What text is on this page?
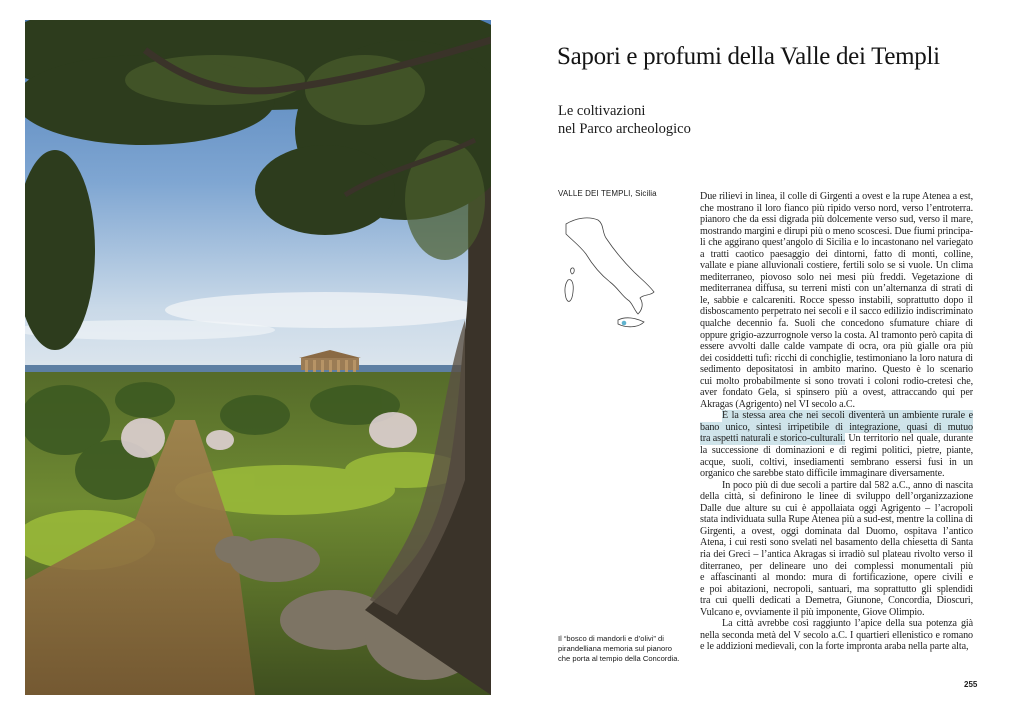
Sapori e profumi della Valle dei Templi
Le coltivazioni
nel Parco archeologico
VALLE DEI TEMPLI, Sicilia
Il “bosco di mandorli e d’olivi” di
pirandelliana memoria sul pianoro
che porta al tempio della Concordia.
Due rilievi in linea, il colle di Girgenti a ovest e la rupe Atenea a est,
che mostrano il loro fianco più ripido verso nord, verso l’entroterra.
pianoro che da essi digrada più dolcemente verso sud, verso il mare,
mostrando margini e dirupi più o meno scoscesi. Due fiumi principa-
li che aggirano quest’angolo di Sicilia e lo incastonano nel variegato
a tratti caotico paesaggio dei dintorni, fatto di monti, colline,
vallate e piane alluvionali costiere, fertili solo se si vuole. Un clima
mediterraneo, piovoso solo nei mesi più freddi. Vegetazione di
mediterranea diffusa, su terreni misti con un’alternanza di strati di
le, sabbie e calcareniti. Rocce spesso instabili, soprattutto dopo il
disboscamento perpetrato nei secoli e il sacco edilizio indiscriminato
qualche decennio fa. Suoli che concedono sfumature chiare di
oppure grigio-azzurrognole verso la costa. Al tramonto però capita di
essere avvolti dalle calde vampate di ocra, ora più gialle ora più
dei cosiddetti tufi: ricchi di conchiglie, testimoniano la loro natura di
sedimento depositatosi in ambito marino. Questo è lo scenario
cui molto probabilmente si sono trovati i coloni rodio-cretesi che,
aver fondato Gela, si spinsero più a ovest, attraccando qui per
Akragas (Agrigento) nel VI secolo a.C.
È la stessa area che nei secoli diventerà un ambiente rurale e
bano unico, sintesi irripetibile di integrazione, quasi di mutuo
tra aspetti naturali e storico-culturali. Un territorio nel quale, durante
la successione di dominazioni e di regimi politici, pietre, piante,
acque, suoli, coltivi, insediamenti sembrano essersi fusi in un
organico che sarebbe stato difficile immaginare diversamente.
In poco più di due secoli a partire dal 582 a.C., anno di nascita
della città, si definirono le linee di sviluppo dell’organizzazione
Dalle due alture su cui è appollaiata oggi Agrigento – l’acropoli
stata individuata sulla Rupe Atenea più a sud-est, mentre la collina di
Girgenti, a ovest, oggi dominata dal Duomo, ospitava l’antico
Atena, i cui resti sono svelati nel basamento della chiesetta di Santa
ria dei Greci – l’antica Akragas si irradiò sul plateau rivolto verso il
diterraneo, per delineare uno dei complessi monumentali più
e affascinanti al mondo: mura di fortificazione, opere civili e
e poi abitazioni, necropoli, santuari, ma soprattutto gli splendidi
tra cui quelli dedicati a Demetra, Giunone, Concordia, Dioscuri,
Vulcano e, ovviamente il più imponente, Giove Olimpio.
La città avrebbe così raggiunto l’apice della sua potenza già
nella seconda metà del V secolo a.C. I quartieri ellenistico e romano
e le addizioni medievali, con la forte impronta araba nella parte alta,
255
